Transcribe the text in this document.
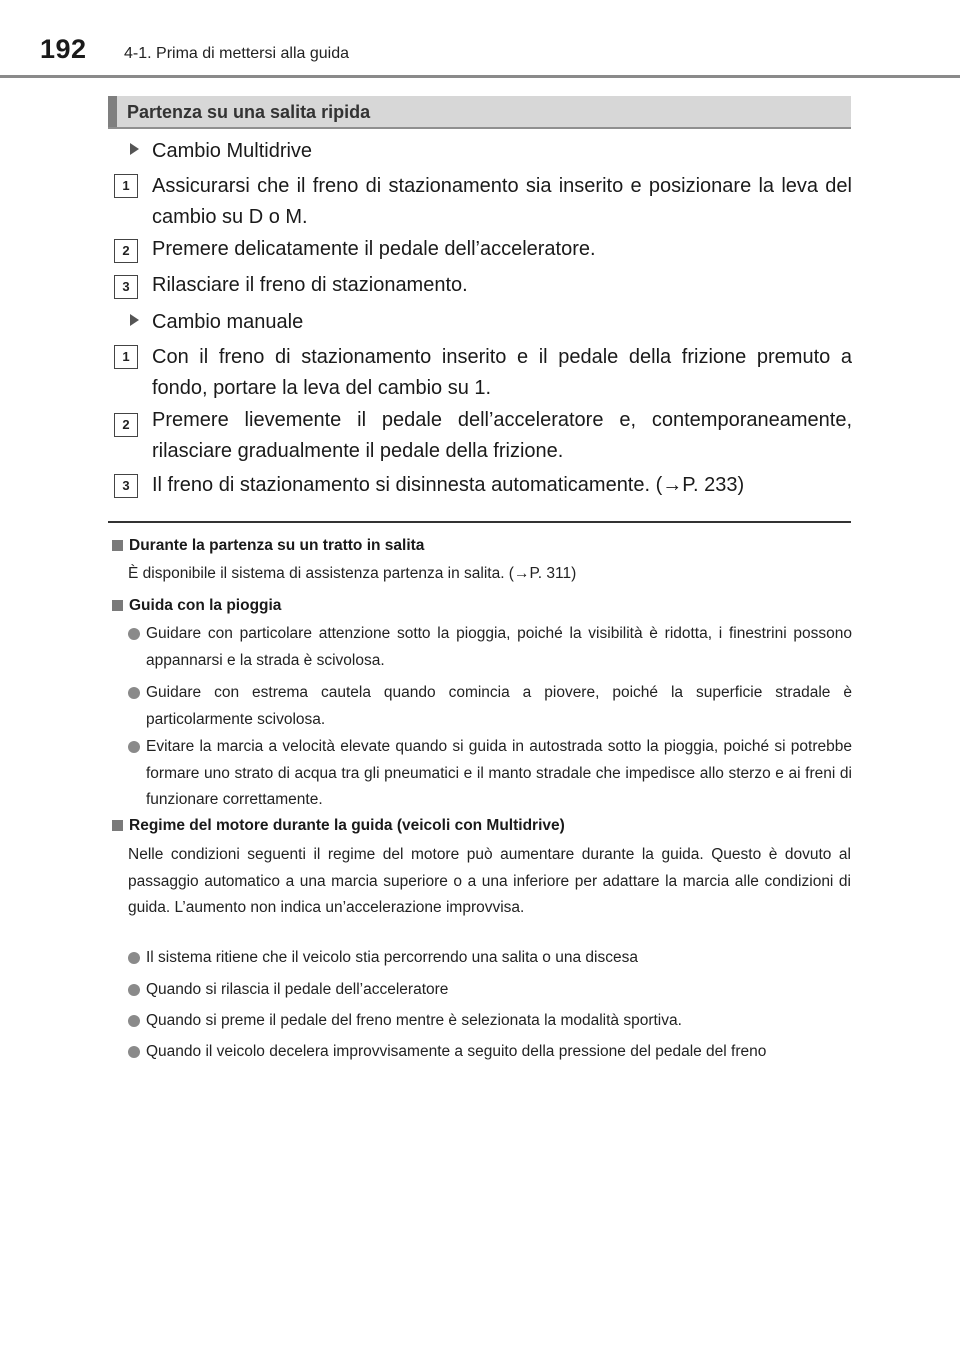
192 4-1. Prima di mettersi alla guida
Partenza su una salita ripida
Cambio Multidrive
1	Assicurarsi che il freno di stazionamento sia inserito e posizionare la leva del cambio su D o M.
2	Premere delicatamente il pedale dell’acceleratore.
3	Rilasciare il freno di stazionamento.
Cambio manuale
1	Con il freno di stazionamento inserito e il pedale della frizione premuto a fondo, portare la leva del cambio su 1.
2	Premere lievemente il pedale dell’acceleratore e, contemporaneamente, rilasciare gradualmente il pedale della frizione.
3	Il freno di stazionamento si disinnesta automaticamente. (→P. 233)
Durante la partenza su un tratto in salita
È disponibile il sistema di assistenza partenza in salita. (→P. 311)
Guida con la pioggia
Guidare con particolare attenzione sotto la pioggia, poiché la visibilità è ridotta, i finestrini possono appannarsi e la strada è scivolosa.
Guidare con estrema cautela quando comincia a piovere, poiché la superficie stradale è particolarmente scivolosa.
Evitare la marcia a velocità elevate quando si guida in autostrada sotto la pioggia, poiché si potrebbe formare uno strato di acqua tra gli pneumatici e il manto stradale che impedisce allo sterzo e ai freni di funzionare correttamente.
Regime del motore durante la guida (veicoli con Multidrive)
Nelle condizioni seguenti il regime del motore può aumentare durante la guida. Questo è dovuto al passaggio automatico a una marcia superiore o a una inferiore per adattare la marcia alle condizioni di guida. L’aumento non indica un’accelerazione improvvisa.
Il sistema ritiene che il veicolo stia percorrendo una salita o una discesa
Quando si rilascia il pedale dell’acceleratore
Quando si preme il pedale del freno mentre è selezionata la modalità sportiva.
Quando il veicolo decelera improvvisamente a seguito della pressione del pedale del freno
